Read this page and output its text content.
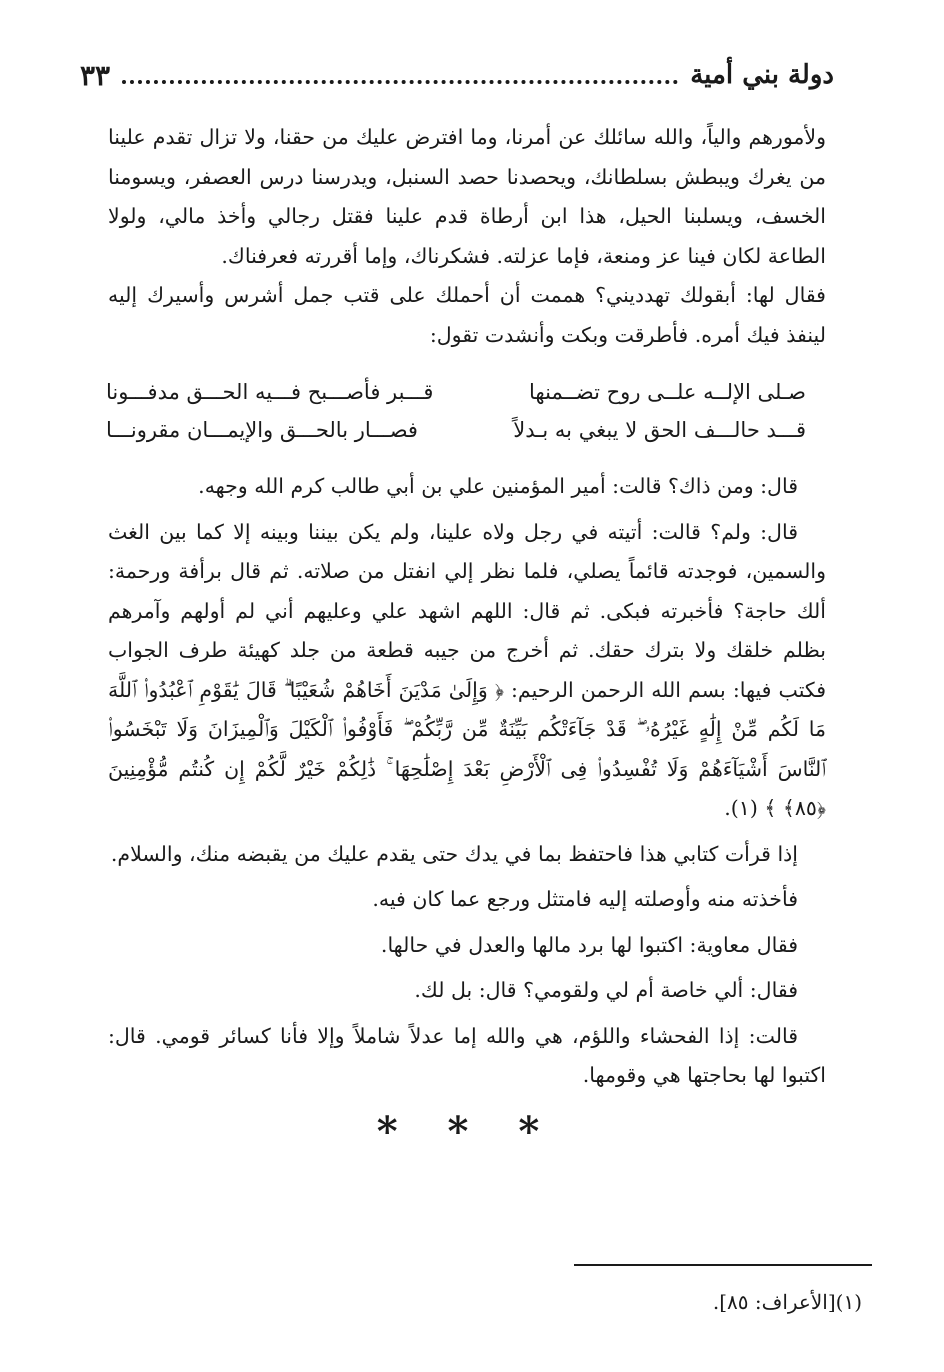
دولة بني أمية
٣٣

ولأمورهم والياً، والله سائلك عن أمرنا، وما افترض عليك من حقنا، ولا تزال تقدم علينا من يغرك ويبطش بسلطانك، ويحصدنا حصد السنبل، ويدرسنا درس العصفر، ويسومنا الخسف، ويسلبنا الحيل، هذا ابن أرطاة قدم علينا فقتل رجالي وأخذ مالي، ولولا الطاعة لكان فينا عز ومنعة، فإما عزلته. فشكرناك، وإما أقررته فعرفناك.

فقال لها: أبقولك تهدديني؟ هممت أن أحملك على قتب جمل أشرس وأسيرك إليه لينفذ فيك أمره. فأطرقت وبكت وأنشدت تقول:

صـلى الإلــه علــى روح تضــمنها
قـــبر فأصـــبح فـــيه الحـــق مدفـــونا
قـــد حالـــف الحق لا يبغي به بـدلاً
فصـــار بالحـــق والإيمـــان مقرونـــا

قال: ومن ذاك؟ قالت: أمير المؤمنين علي بن أبي طالب كرم الله وجهه.

قال: ولم؟ قالت: أتيته في رجل ولاه علينا، ولم يكن بيننا وبينه إلا كما بين الغث والسمين، فوجدته قائماً يصلي، فلما نظر إلي انفتل من صلاته. ثم قال برأفة ورحمة: ألك حاجة؟ فأخبرته فبكى. ثم قال: اللهم اشهد علي وعليهم أني لم أولهم وآمرهم بظلم خلقك ولا بترك حقك. ثم أخرج من جيبه قطعة من جلد كهيئة طرف الجواب فكتب فيها: بسم الله الرحمن الرحيم: ﴿ وَإِلَىٰ مَدْيَنَ أَخَاهُمْ شُعَيْبًا ۗ قَالَ يَٰقَوْمِ ٱعْبُدُوا۟ ٱللَّهَ مَا لَكُم مِّنْ إِلَٰهٍ غَيْرُهُۥ ۖ قَدْ جَآءَتْكُم بَيِّنَةٌ مِّن رَّبِّكُمْ ۖ فَأَوْفُوا۟ ٱلْكَيْلَ وَٱلْمِيزَانَ وَلَا تَبْخَسُوا۟ ٱلنَّاسَ أَشْيَآءَهُمْ وَلَا تُفْسِدُوا۟ فِى ٱلْأَرْضِ بَعْدَ إِصْلَٰحِهَا ۚ ذَٰلِكُمْ خَيْرٌ لَّكُمْ إِن كُنتُم مُّؤْمِنِينَ ﴿٨٥﴾ ﴾ (١).

إذا قرأت كتابي هذا فاحتفظ بما في يدك حتى يقدم عليك من يقبضه منك، والسلام.

فأخذته منه وأوصلته إليه فامتثل ورجع عما كان فيه.

فقال معاوية: اكتبوا لها برد مالها والعدل في حالها.

فقال: ألي خاصة أم لي ولقومي؟ قال: بل لك.

قالت: إذا الفحشاء واللؤم، هي والله إما عدلاً شاملاً وإلا فأنا كسائر قومي. قال: اكتبوا لها بحاجتها هي وقومها.

* * *
(١)[الأعراف: ٨٥].
